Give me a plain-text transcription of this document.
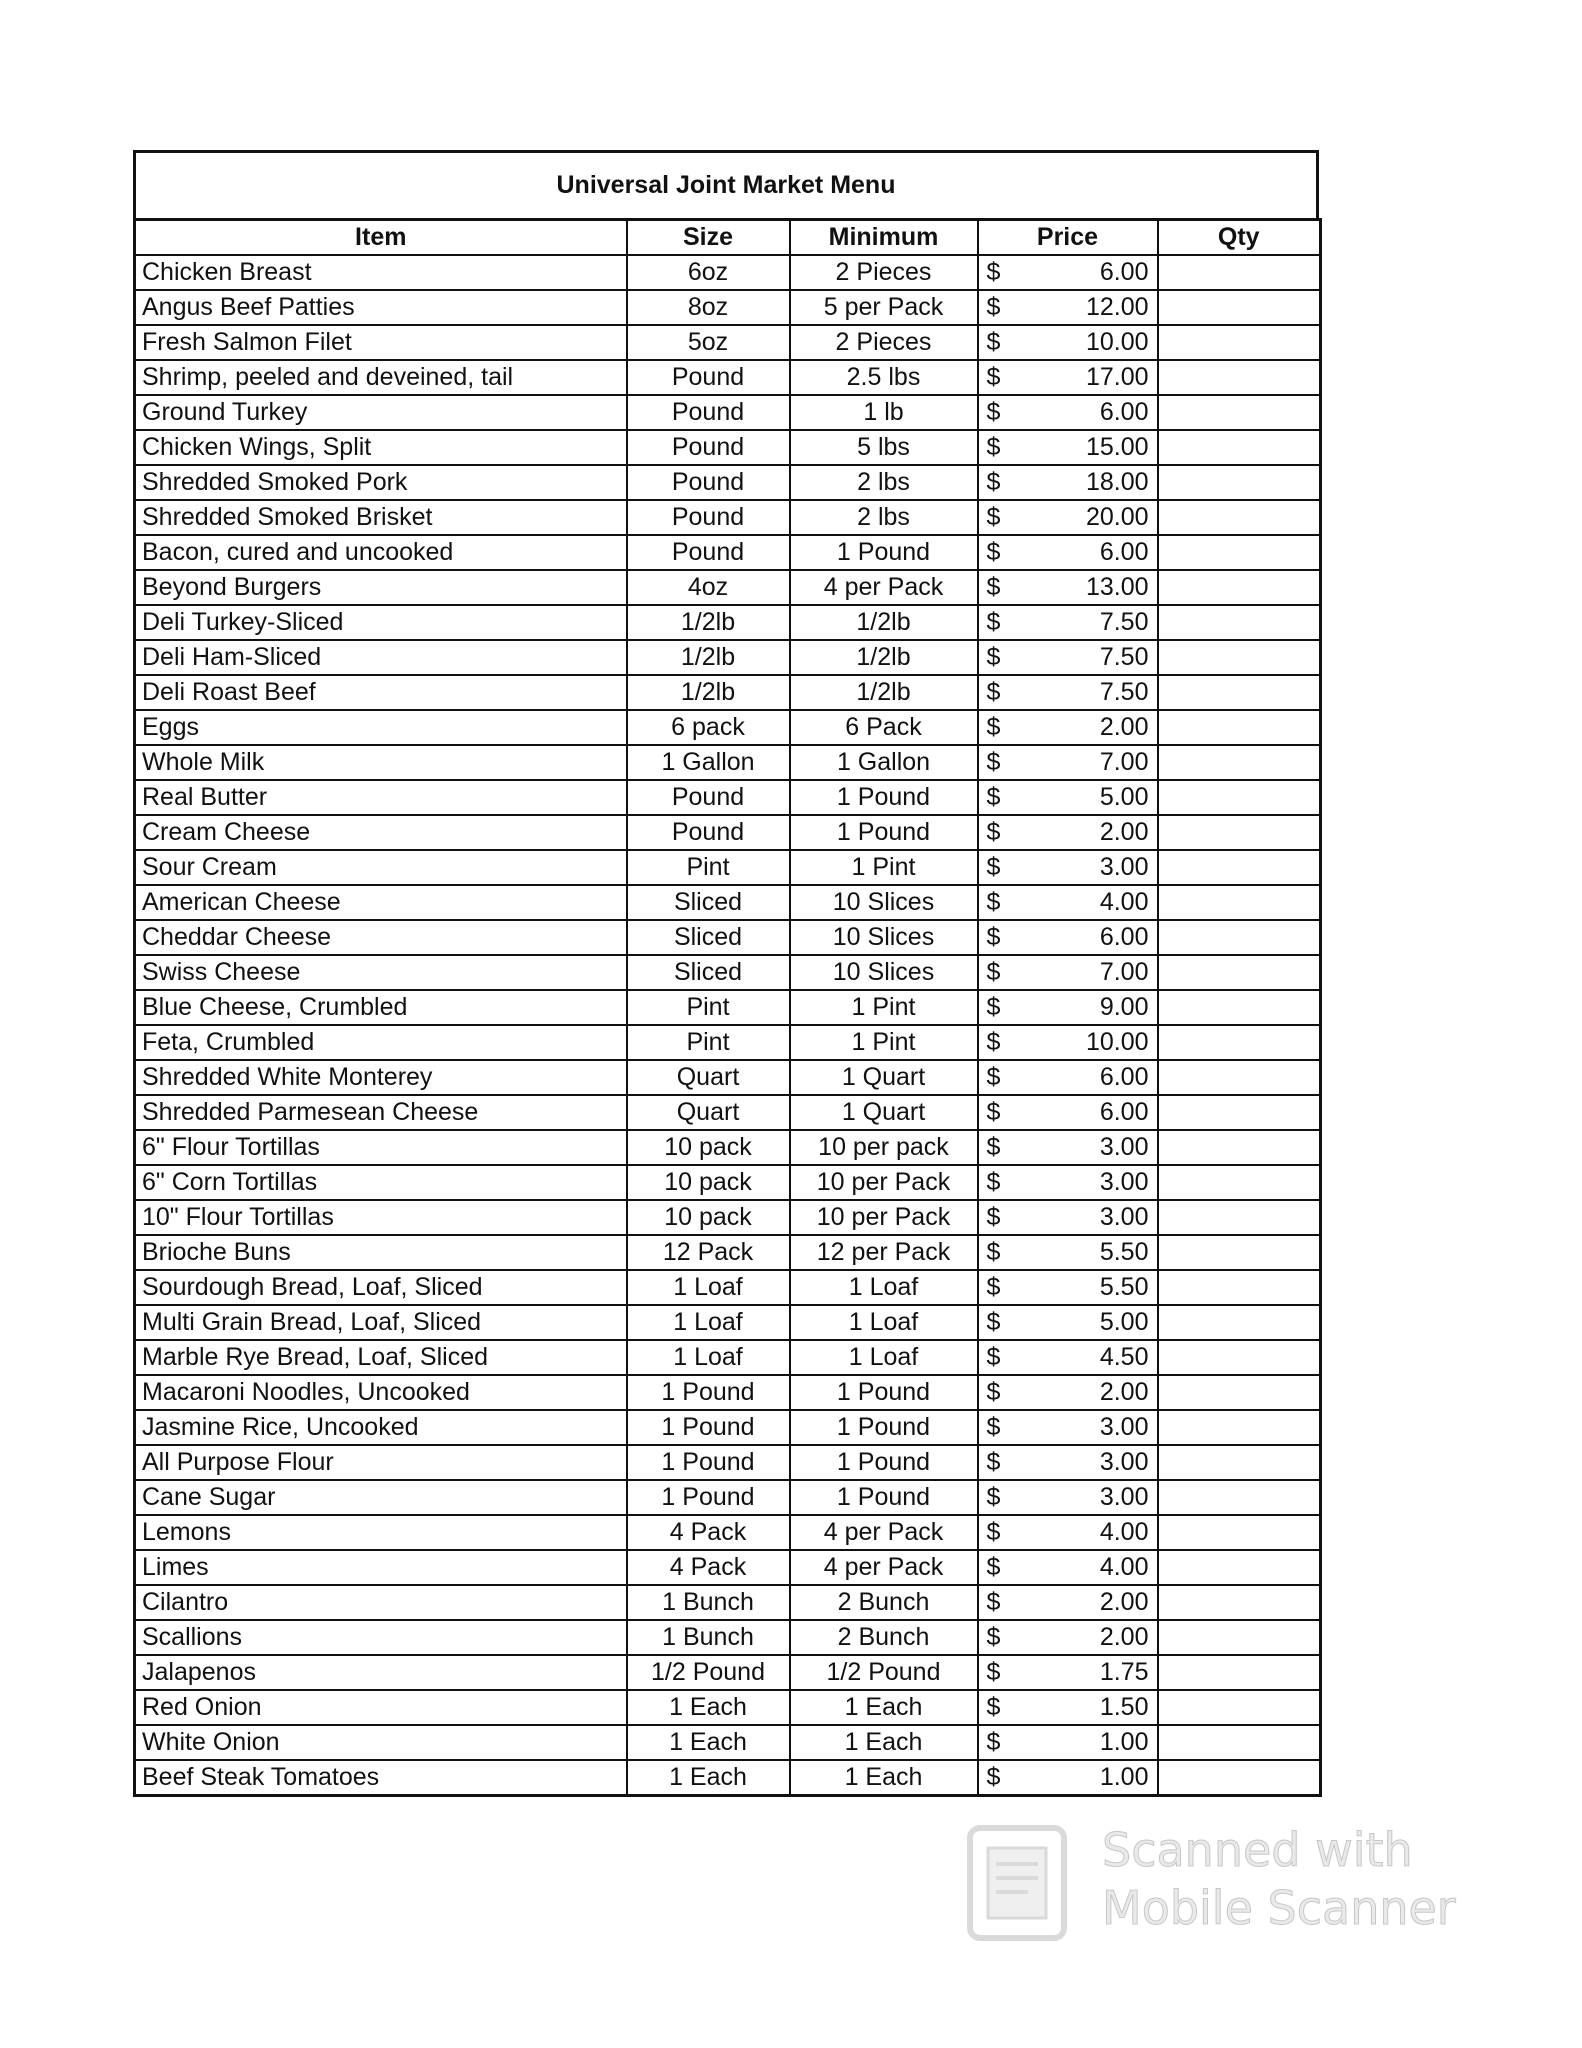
Universal Joint Market Menu
Item	Size	Minimum	Price	Qty
Chicken Breast	6oz	2 Pieces	$ 6.00	

Angus Beef Patties	8oz	5 per Pack	$ 12.00	

Fresh Salmon Filet	5oz	2 Pieces	$ 10.00	

Shrimp, peeled and deveined, tail	Pound	2.5 lbs	$ 17.00	

Ground Turkey	Pound	1 lb	$ 6.00	

Chicken Wings, Split	Pound	5 lbs	$ 15.00	

Shredded Smoked Pork	Pound	2 lbs	$ 18.00	

Shredded Smoked Brisket	Pound	2 lbs	$ 20.00	

Bacon, cured and uncooked	Pound	1 Pound	$ 6.00	

Beyond Burgers	4oz	4 per Pack	$ 13.00	

Deli Turkey-Sliced	1/2lb	1/2lb	$ 7.50	

Deli Ham-Sliced	1/2lb	1/2lb	$ 7.50	

Deli Roast Beef	1/2lb	1/2lb	$ 7.50	

Eggs	6 pack	6 Pack	$ 2.00	

Whole Milk	1 Gallon	1 Gallon	$ 7.00	

Real Butter	Pound	1 Pound	$ 5.00	

Cream Cheese	Pound	1 Pound	$ 2.00	

Sour Cream	Pint	1 Pint	$ 3.00	

American Cheese	Sliced	10 Slices	$ 4.00	

Cheddar Cheese	Sliced	10 Slices	$ 6.00	

Swiss Cheese	Sliced	10 Slices	$ 7.00	

Blue Cheese, Crumbled	Pint	1 Pint	$ 9.00	

Feta, Crumbled	Pint	1 Pint	$ 10.00	

Shredded White Monterey	Quart	1 Quart	$ 6.00	

Shredded Parmesean Cheese	Quart	1 Quart	$ 6.00	

6" Flour Tortillas	10 pack	10 per pack	$ 3.00	

6" Corn Tortillas	10 pack	10 per Pack	$ 3.00	

10" Flour Tortillas	10 pack	10 per Pack	$ 3.00	

Brioche Buns	12 Pack	12 per Pack	$ 5.50	

Sourdough Bread, Loaf, Sliced	1 Loaf	1 Loaf	$ 5.50	

Multi Grain Bread, Loaf, Sliced	1 Loaf	1 Loaf	$ 5.00	

Marble Rye Bread, Loaf, Sliced	1 Loaf	1 Loaf	$ 4.50	

Macaroni Noodles, Uncooked	1 Pound	1 Pound	$ 2.00	

Jasmine Rice, Uncooked	1 Pound	1 Pound	$ 3.00	

All Purpose Flour	1 Pound	1 Pound	$ 3.00	

Cane Sugar	1 Pound	1 Pound	$ 3.00	

Lemons	4 Pack	4 per Pack	$ 4.00	

Limes	4 Pack	4 per Pack	$ 4.00	

Cilantro	1 Bunch	2 Bunch	$ 2.00	

Scallions	1 Bunch	2 Bunch	$ 2.00	

Jalapenos	1/2 Pound	1/2 Pound	$ 1.75	

Red Onion	1 Each	1 Each	$ 1.50	

White Onion	1 Each	1 Each	$ 1.00	

Beef Steak Tomatoes	1 Each	1 Each	$ 1.00	

Scanned with
Mobile Scanner
